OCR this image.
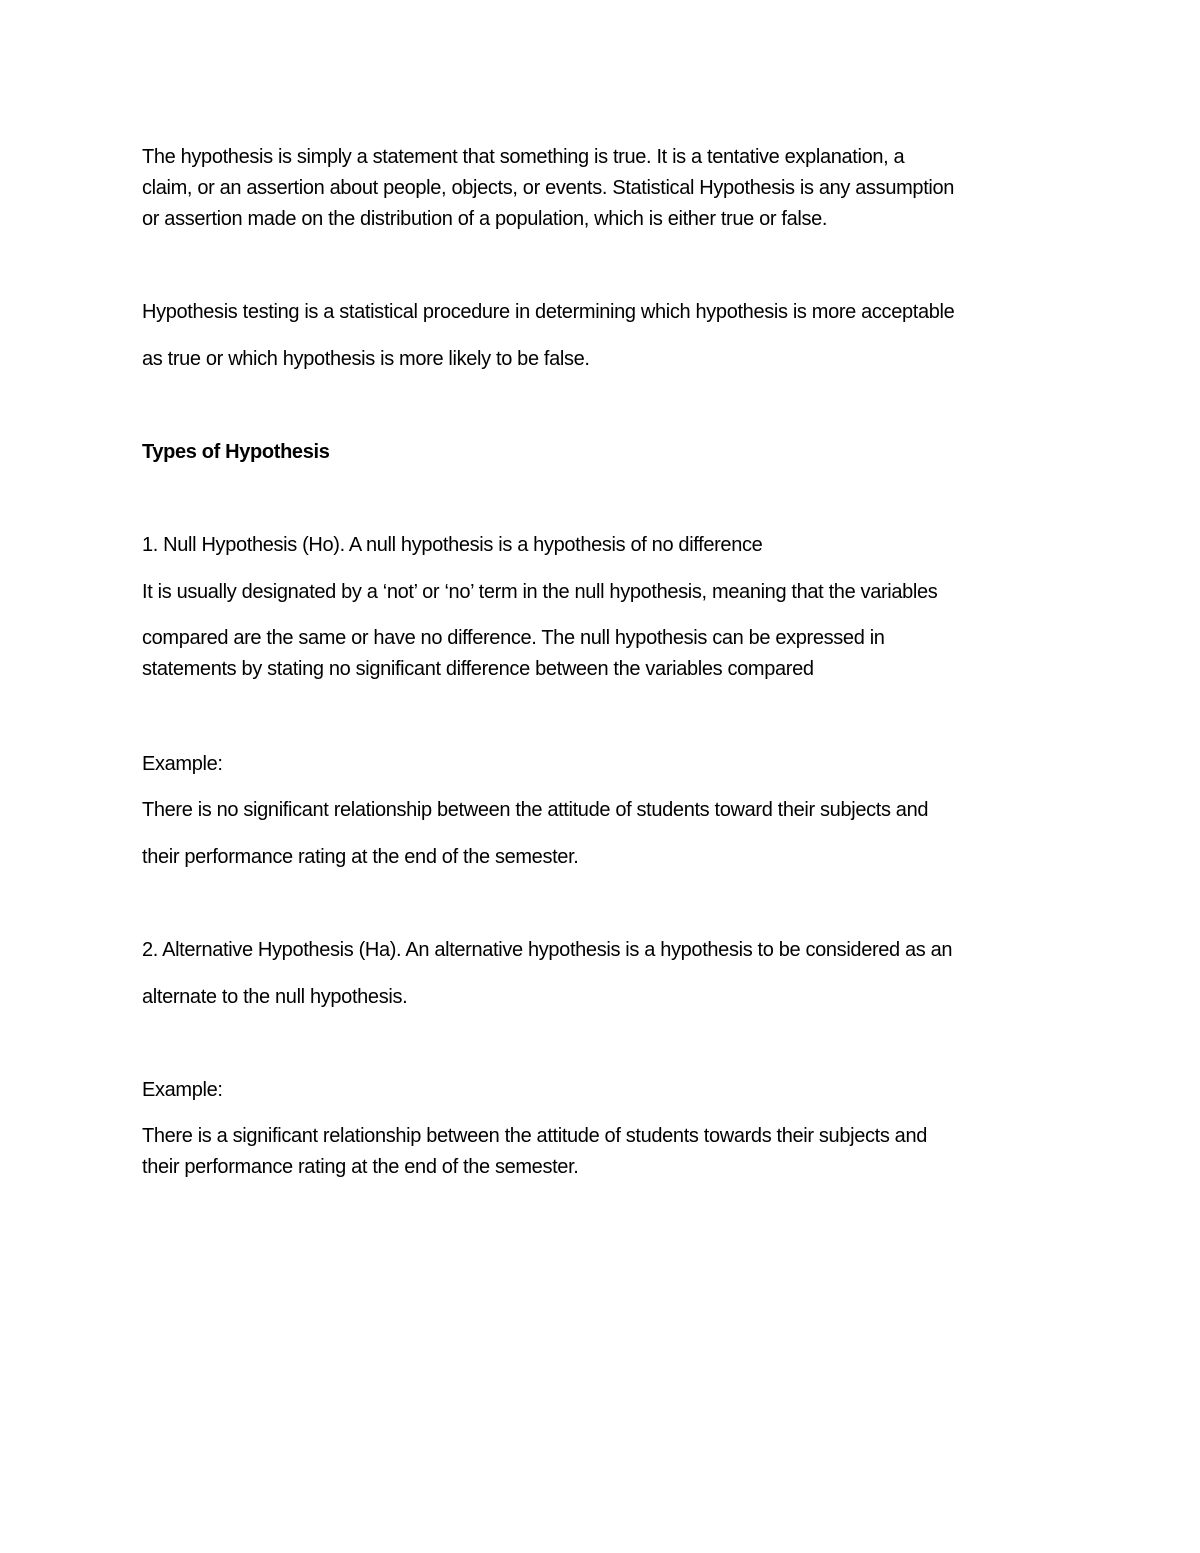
The hypothesis is simply a statement that something is true. It is a tentative explanation, a
claim, or an assertion about people, objects, or events. Statistical Hypothesis is any assumption
or assertion made on the distribution of a population, which is either true or false.
Hypothesis testing is a statistical procedure in determining which hypothesis is more acceptable
as true or which hypothesis is more likely to be false.
Types of Hypothesis
1. Null Hypothesis (Ho). A null hypothesis is a hypothesis of no difference
It is usually designated by a ‘not’ or ‘no’ term in the null hypothesis, meaning that the variables
compared are the same or have no difference. The null hypothesis can be expressed in
statements by stating no significant difference between the variables compared
Example:
There is no significant relationship between the attitude of students toward their subjects and
their performance rating at the end of the semester.
2. Alternative Hypothesis (Ha). An alternative hypothesis is a hypothesis to be considered as an
alternate to the null hypothesis.
Example:
There is a significant relationship between the attitude of students towards their subjects and
their performance rating at the end of the semester.
